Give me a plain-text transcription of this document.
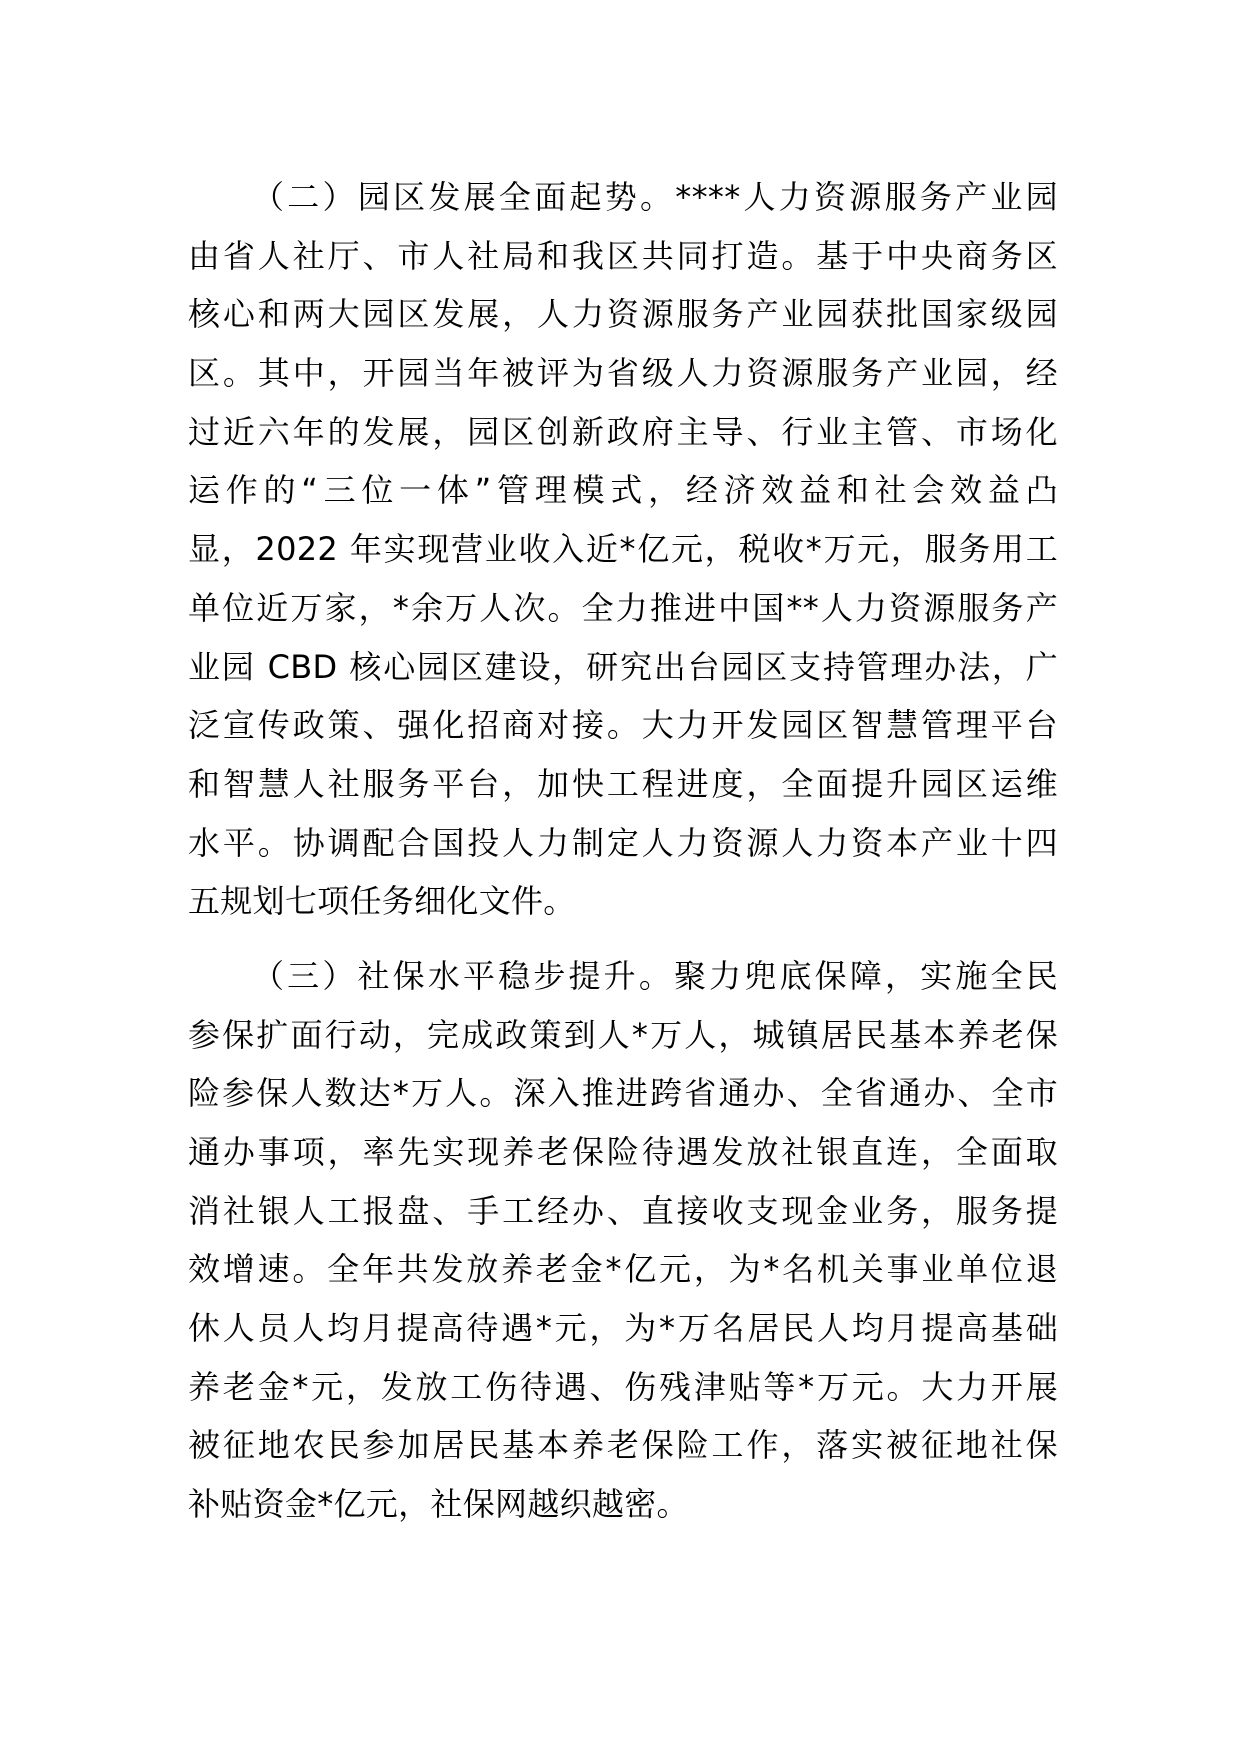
（二）园区发展全面起势。****人力资源服务产业园
由省人社厅、市人社局和我区共同打造。基于中央商务区
核心和两大园区发展，人力资源服务产业园获批国家级园
区。其中，开园当年被评为省级人力资源服务产业园，经
过近六年的发展，园区创新政府主导、行业主管、市场化
运作的“三位一体”管理模式，经济效益和社会效益凸
显，2022 年实现营业收入近*亿元，税收*万元，服务用工
单位近万家，*余万人次。全力推进中国**人力资源服务产
业园 CBD 核心园区建设，研究出台园区支持管理办法，广
泛宣传政策、强化招商对接。大力开发园区智慧管理平台
和智慧人社服务平台，加快工程进度，全面提升园区运维
水平。协调配合国投人力制定人力资源人力资本产业十四
五规划七项任务细化文件。

（三）社保水平稳步提升。聚力兜底保障，实施全民
参保扩面行动，完成政策到人*万人，城镇居民基本养老保
险参保人数达*万人。深入推进跨省通办、全省通办、全市
通办事项，率先实现养老保险待遇发放社银直连，全面取
消社银人工报盘、手工经办、直接收支现金业务，服务提
效增速。全年共发放养老金*亿元，为*名机关事业单位退
休人员人均月提高待遇*元，为*万名居民人均月提高基础
养老金*元，发放工伤待遇、伤残津贴等*万元。大力开展
被征地农民参加居民基本养老保险工作，落实被征地社保
补贴资金*亿元，社保网越织越密。
